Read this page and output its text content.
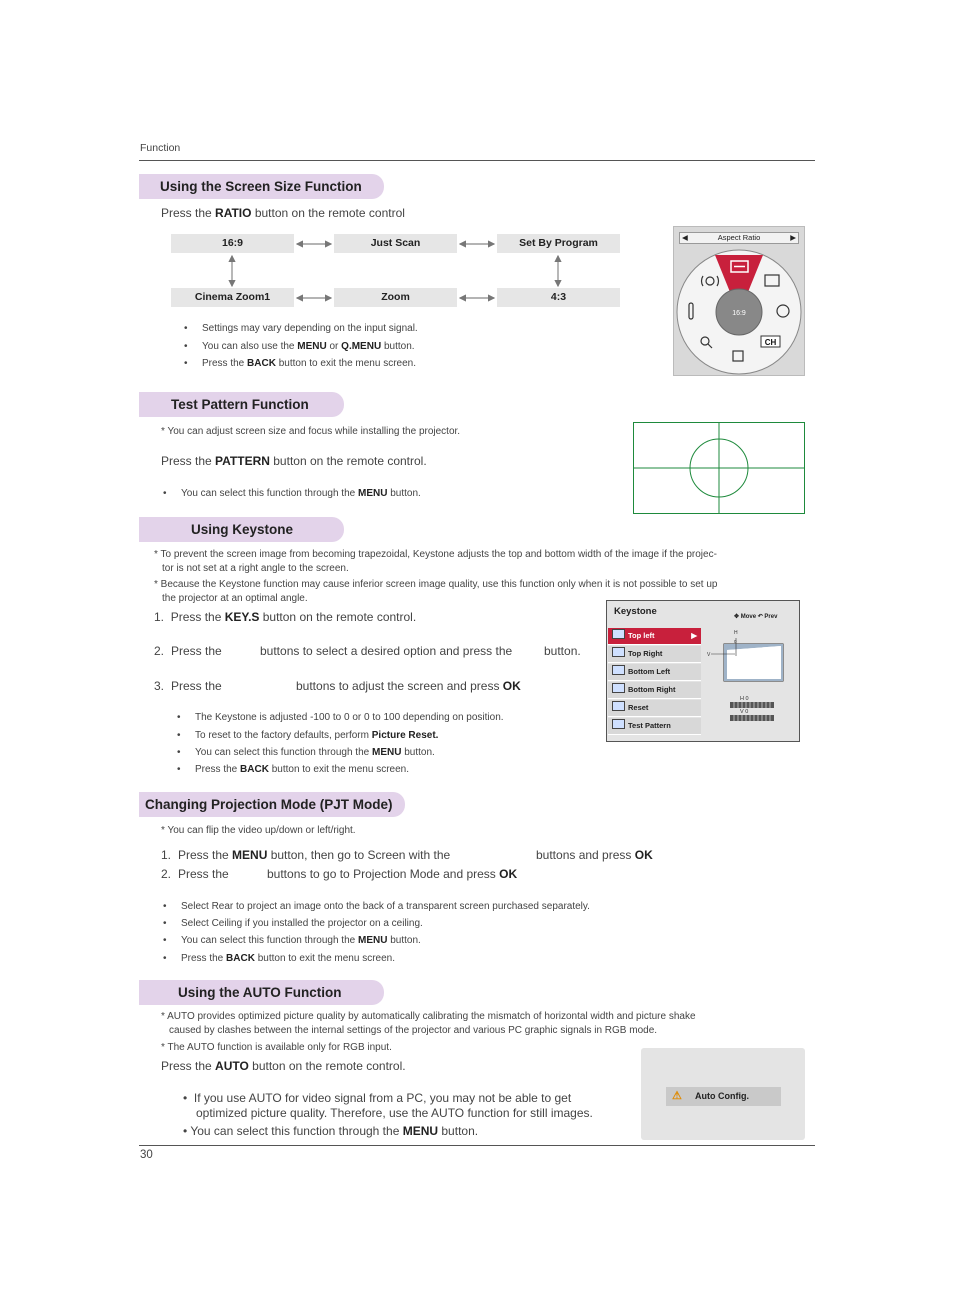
Function
Using the Screen Size Function
Press the RATIO button on the remote control
16:9	Just Scan	Set By Program
Cinema Zoom1	Zoom	4:3
• Settings may vary depending on the input signal.
• You can also use the MENU or Q.MENU button.
• Press the BACK button to exit the menu screen.
◀	Aspect Ratio	▶
16:9
CH
Test Pattern Function
* You can adjust screen size and focus while installing the projector.
Press the PATTERN button on the remote control.
• You can select this function through the MENU button.
Using Keystone
* To prevent the screen image from becoming trapezoidal, Keystone adjusts the top and bottom width of the image if the projec-
tor is not set at a right angle to the screen.
* Because the Keystone function may cause inferior screen image quality, use this function only when it is not possible to set up
the projector at an optimal angle.
1. Press the KEY.S button on the remote control.
2. Press the	buttons to select a desired option and press the	button.
3. Press the	buttons to adjust the screen and press OK
• The Keystone is adjusted -100 to 0 or 0 to 100 depending on position.
• To reset to the factory defaults, perform Picture Reset.
• You can select this function through the MENU button.
• Press the BACK button to exit the menu screen.
Keystone	✥ Move ↶ Prev
Top left	▶
Top Right
Bottom Left
Bottom Right
Reset
Test Pattern
H
V
0
H 0
V 0
Changing Projection Mode (PJT Mode)
* You can flip the video up/down or left/right.
1. Press the MENU button, then go to Screen with the	buttons and press OK
2. Press the	buttons to go to Projection Mode and press OK
• Select Rear to project an image onto the back of a transparent screen purchased separately.
• Select Ceiling if you installed the projector on a ceiling.
• You can select this function through the MENU button.
• Press the BACK button to exit the menu screen.
Using the AUTO Function
* AUTO provides optimized picture quality by automatically calibrating the mismatch of horizontal width and picture shake
caused by clashes between the internal settings of the projector and various PC graphic signals in RGB mode.
* The AUTO function is available only for RGB input.
Press the AUTO button on the remote control.
•  If you use AUTO for video signal from a PC, you may not be able to get
optimized picture quality. Therefore, use the AUTO function for still images.
• You can select this function through the MENU button.
⚠ Auto Config.
30
